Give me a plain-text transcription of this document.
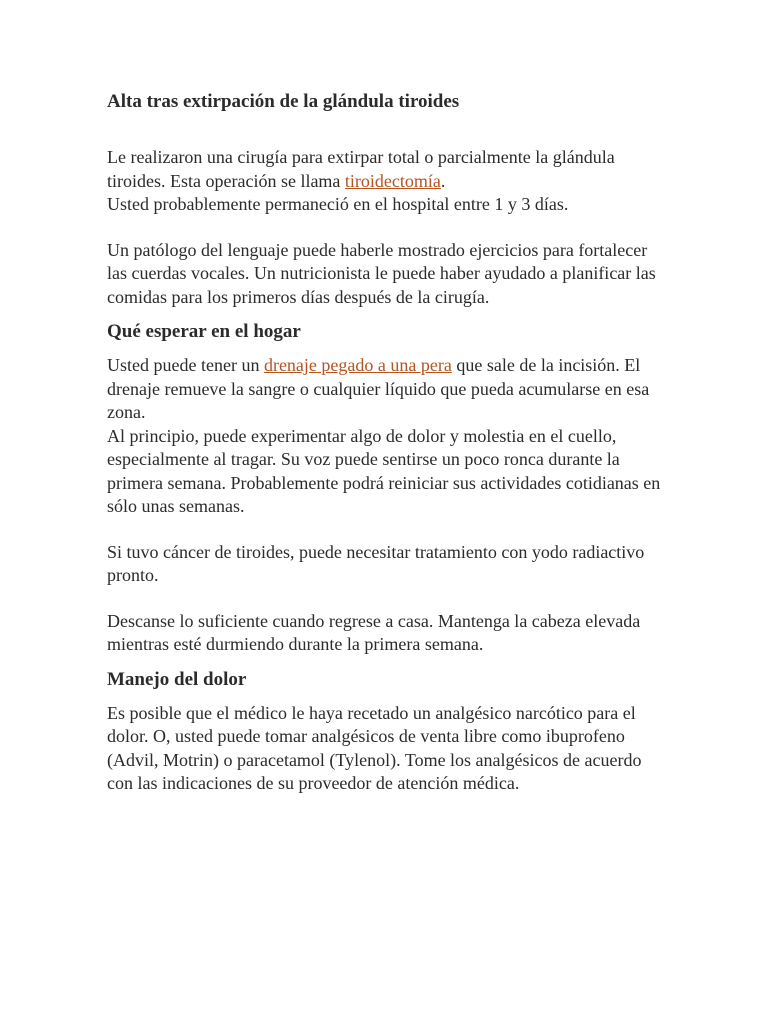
Alta tras extirpación de la glándula tiroides

Le realizaron una cirugía para extirpar total o parcialmente la glándula tiroides. Esta operación se llama tiroidectomía.
Usted probablemente permaneció en el hospital entre 1 y 3 días.

Un patólogo del lenguaje puede haberle mostrado ejercicios para fortalecer las cuerdas vocales. Un nutricionista le puede haber ayudado a planificar las comidas para los primeros días después de la cirugía.

Qué esperar en el hogar

Usted puede tener un drenaje pegado a una pera que sale de la incisión. El drenaje remueve la sangre o cualquier líquido que pueda acumularse en esa zona.
Al principio, puede experimentar algo de dolor y molestia en el cuello, especialmente al tragar. Su voz puede sentirse un poco ronca durante la primera semana. Probablemente podrá reiniciar sus actividades cotidianas en sólo unas semanas.

Si tuvo cáncer de tiroides, puede necesitar tratamiento con yodo radiactivo pronto.

Descanse lo suficiente cuando regrese a casa. Mantenga la cabeza elevada mientras esté durmiendo durante la primera semana.

Manejo del dolor

Es posible que el médico le haya recetado un analgésico narcótico para el dolor. O, usted puede tomar analgésicos de venta libre como ibuprofeno (Advil, Motrin) o paracetamol (Tylenol). Tome los analgésicos de acuerdo con las indicaciones de su proveedor de atención médica.
